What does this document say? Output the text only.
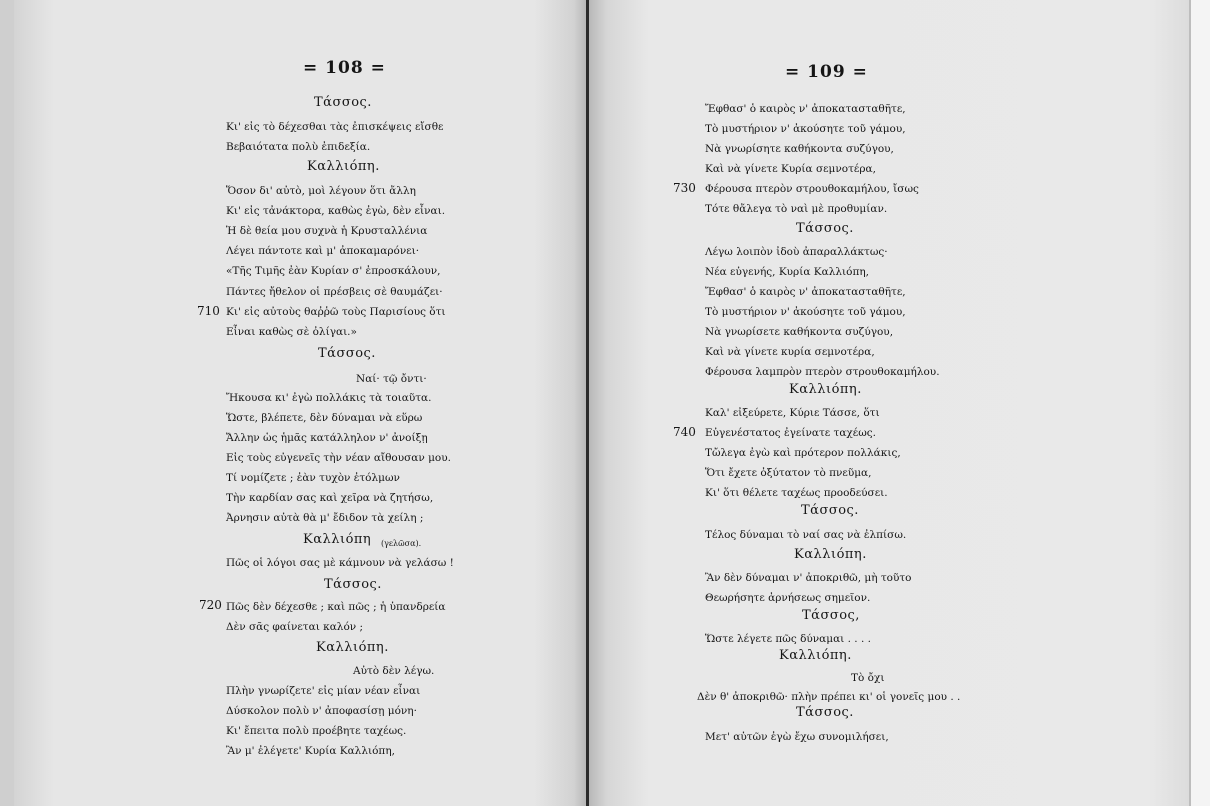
= 108 =
Τάσσος.
Κι' εἰς τὸ δέχεσθαι τὰς ἐπισκέψεις εἴσθε
Βεβαιότατα πολὺ ἐπιδεξία.
Καλλιόπη.
Ὅσον δι' αὐτὸ, μοὶ λέγουν ὅτι ἄλλη
Κι' εἰς τἀνάκτορα, καθὼς ἐγὼ, δὲν εἶναι.
Ἡ δὲ θεία μου συχνὰ ἡ Κρυσταλλένια
Λέγει πάντοτε καὶ μ' ἀποκαμαρόνει·
«Τῆς Τιμῆς ἐὰν Κυρίαν σ' ἐπροσκάλουν,
Πάντες ἤθελον οἱ πρέσβεις σὲ θαυμάζει·
710 Κι' εἰς αὐτοὺς θαῤῥῶ τοὺς Παρισίους ὅτι
Εἶναι καθὼς σὲ ὀλίγαι.»
Τάσσος.
Ναί· τῷ ὄντι·
Ἤκουσα κι' ἐγὼ πολλάκις τὰ τοιαῦτα.
Ὥστε, βλέπετε, δὲν δύναμαι νὰ εὕρω
Ἄλλην ὡς ἡμᾶς κατάλληλον ν' ἀνοίξῃ
Εἰς τοὺς εὐγενεῖς τὴν νέαν αἴθουσαν μου.
Τί νομίζετε ; ἐὰν τυχὸν ἐτόλμων
Τὴν καρδίαν σας καὶ χεῖρα νὰ ζητήσω,
Ἀρνησιν αὐτὰ θὰ μ' ἔδιδον τὰ χείλη ;
Καλλιόπη (γελῶσα).
Πῶς οἱ λόγοι σας μὲ κάμνουν νὰ γελάσω !
Τάσσος.
720 Πῶς δὲν δέχεσθε ; καὶ πῶς ; ἡ ὑπανδρεία
Δὲν σᾶς φαίνεται καλόν ;
Καλλιόπη.
Αὐτὸ δὲν λέγω.
Πλὴν γνωρίζετε' εἰς μίαν νέαν εἶναι
Δύσκολον πολὺ ν' ἀποφασίσῃ μόνη·
Κι' ἔπειτα πολὺ προέβητε ταχέως.
Ἂν μ' ἐλέγετε' Κυρία Καλλιόπη,
= 109 =
Ἔφθασ' ὁ καιρὸς ν' ἀποκατασταθῆτε,
Τὸ μυστήριον ν' ἀκούσητε τοῦ γάμου,
Νὰ γνωρίσητε καθήκοντα συζύγου,
Καὶ νὰ γίνετε Κυρία σεμνοτέρα,
730 Φέρουσα πτερὸν στρουθοκαμήλου, ἴσως
Τότε θἄλεγα τὸ ναὶ μὲ προθυμίαν.
Τάσσος.
Λέγω λοιπὸν ἰδοὺ ἀπαραλλάκτως·
Νέα εὐγενής, Κυρία Καλλιόπη,
Ἔφθασ' ὁ καιρὸς ν' ἀποκατασταθῆτε,
Τὸ μυστήριον ν' ἀκούσητε τοῦ γάμου,
Νὰ γνωρίσετε καθήκοντα συζύγου,
Καὶ νὰ γίνετε κυρία σεμνοτέρα,
Φέρουσα λαμπρὸν πτερὸν στρουθοκαμήλου.
Καλλιόπη.
Καλ' εἰξεύρετε, Κύριε Τάσσε, ὅτι
740 Εὐγενέστατος ἐγείνατε ταχέως.
Τὤλεγα ἐγὼ καὶ πρότερον πολλάκις,
Ὅτι ἔχετε ὀξύτατον τὸ πνεῦμα,
Κι' ὅτι θέλετε ταχέως προοδεύσει.
Τάσσος.
Τέλος δύναμαι τὸ ναί σας νὰ ἐλπίσω.
Καλλιόπη.
Ἂν δὲν δύναμαι ν' ἀποκριθῶ, μὴ τοῦτο
Θεωρήσητε ἀρνήσεως σημεῖον.
Τάσσος,
Ὥστε λέγετε πῶς δύναμαι . . . .
Καλλιόπη.
Τὸ ὄχι
Δὲν θ' ἀποκριθῶ· πλὴν πρέπει κι' οἱ γονεῖς μου . .
Τάσσος.
Μετ' αὐτῶν ἐγὼ ἔχω συνομιλήσει,
